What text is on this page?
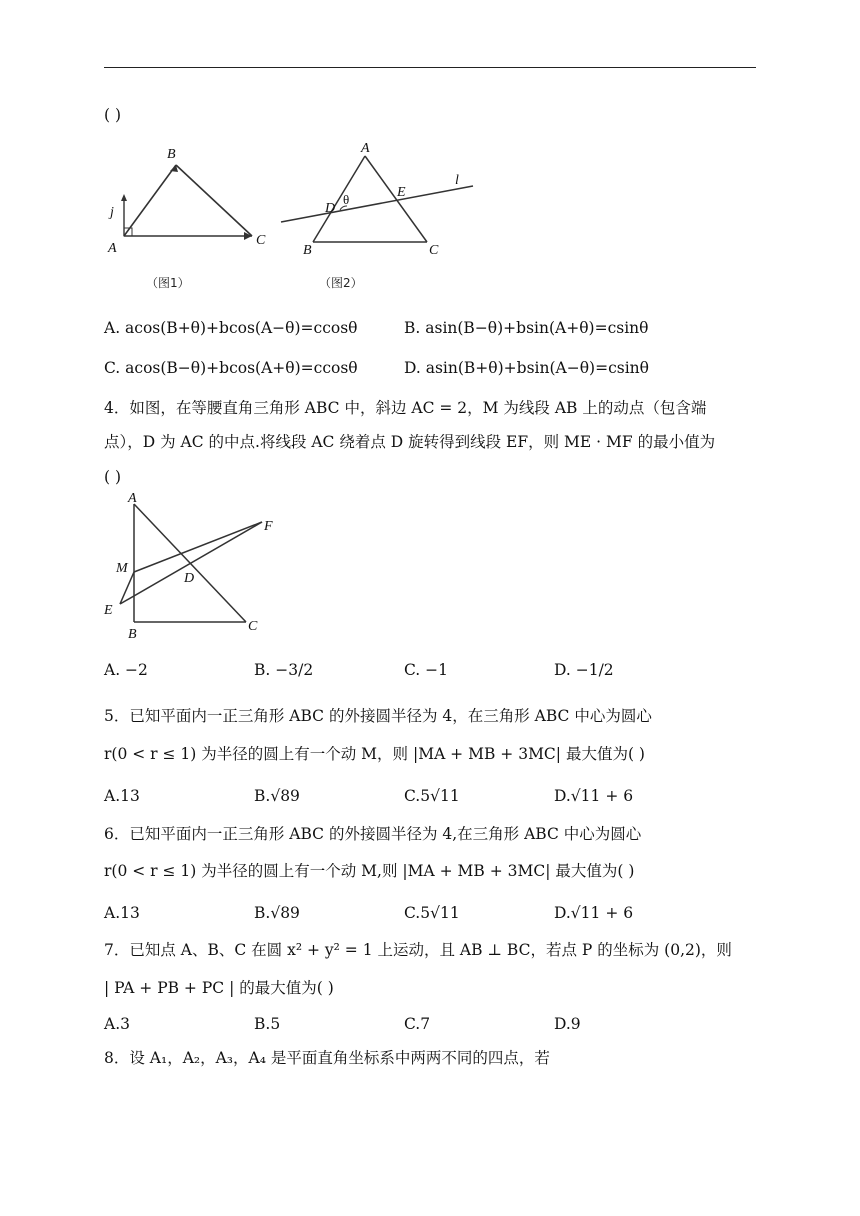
( )
B
j
A
C
（图1）
A
D
θ	E
l
B	C
（图2）
A. acos(B+θ)+bcos(A−θ)=ccosθ	B. asin(B−θ)+bsin(A+θ)=csinθ
C. acos(B−θ)+bcos(A+θ)=ccosθ	D. asin(B+θ)+bsin(A−θ)=csinθ
4．如图，在等腰直角三角形 ABC 中，斜边 AC = 2，M 为线段 AB 上的动点（包含端
点），D 为 AC 的中点.将线段 AC 绕着点 D 旋转得到线段 EF，则 ME · MF 的最小值为
( )
A
F
M
D
E
B
C
A. −2	B. −3/2	C. −1	D. −1/2
5．已知平面内一正三角形 ABC 的外接圆半径为 4，在三角形 ABC 中心为圆心
r(0 < r ≤ 1) 为半径的圆上有一个动 M，则 |MA + MB + 3MC| 最大值为( )
A.13	B.√89	C.5√11	D.√11 + 6
6．已知平面内一正三角形 ABC 的外接圆半径为 4,在三角形 ABC 中心为圆心
r(0 < r ≤ 1) 为半径的圆上有一个动 M,则 |MA + MB + 3MC| 最大值为( )
A.13	B.√89	C.5√11	D.√11 + 6
7．已知点 A、B、C 在圆 x² + y² = 1 上运动，且 AB ⊥ BC，若点 P 的坐标为 (0,2)，则
| PA + PB + PC | 的最大值为( )
A.3	B.5	C.7	D.9
8．设 A₁，A₂，A₃，A₄ 是平面直角坐标系中两两不同的四点，若
